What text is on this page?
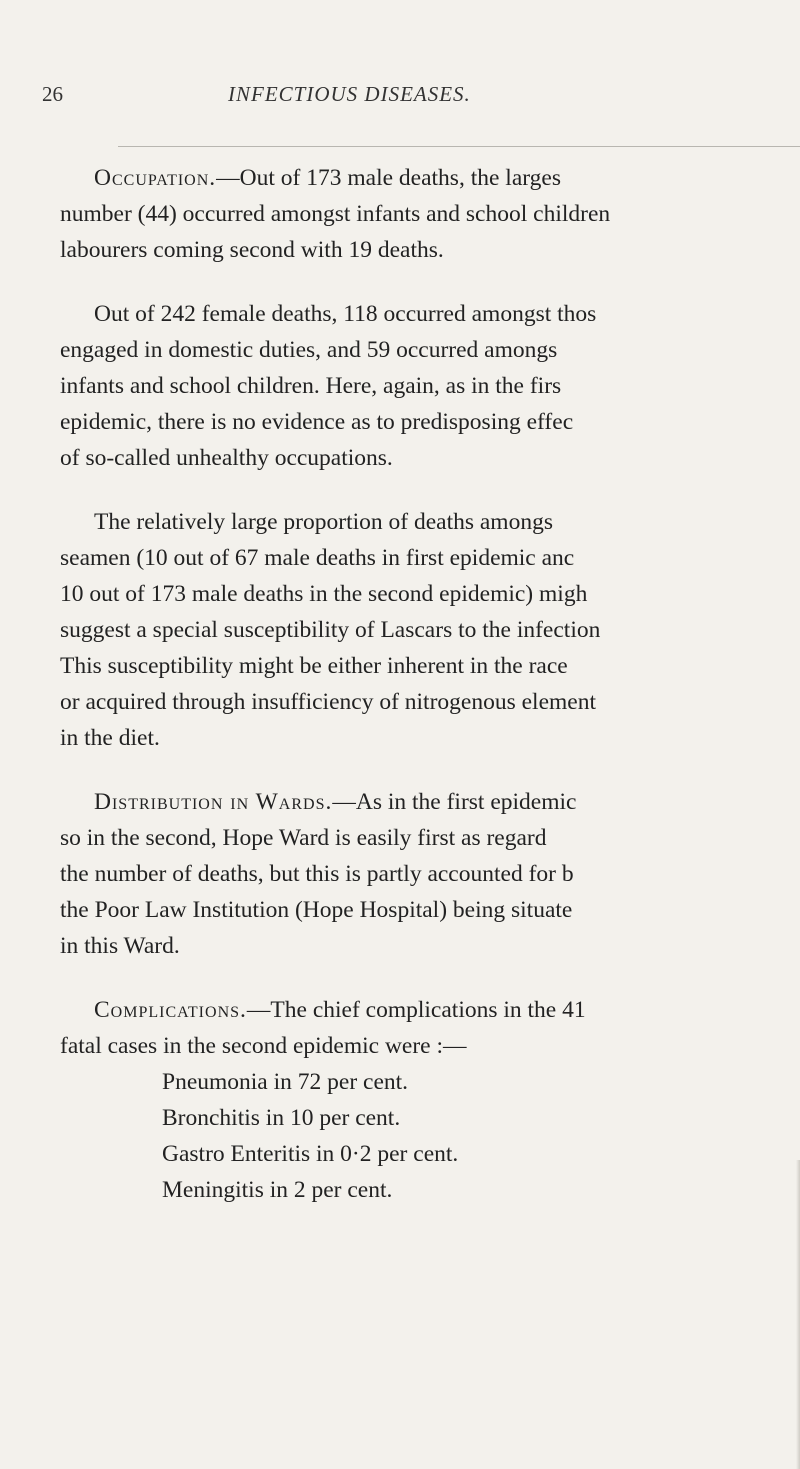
26	INFECTIOUS DISEASES.

Occupation.—Out of 173 male deaths, the larges
number (44) occurred amongst infants and school children
labourers coming second with 19 deaths.

Out of 242 female deaths, 118 occurred amongst thos
engaged in domestic duties, and 59 occurred amongs
infants and school children. Here, again, as in the firs
epidemic, there is no evidence as to predisposing effec
of so-called unhealthy occupations.

The relatively large proportion of deaths amongs
seamen (10 out of 67 male deaths in first epidemic anc
10 out of 173 male deaths in the second epidemic) migh
suggest a special susceptibility of Lascars to the infection
This susceptibility might be either inherent in the race
or acquired through insufficiency of nitrogenous element
in the diet.

Distribution in Wards.—As in the first epidemic
so in the second, Hope Ward is easily first as regard
the number of deaths, but this is partly accounted for b
the Poor Law Institution (Hope Hospital) being situate
in this Ward.

Complications.—The chief complications in the 41
fatal cases in the second epidemic were :—

Pneumonia in 72 per cent.
Bronchitis in 10 per cent.
Gastro Enteritis in 0·2 per cent.
Meningitis in 2 per cent.
